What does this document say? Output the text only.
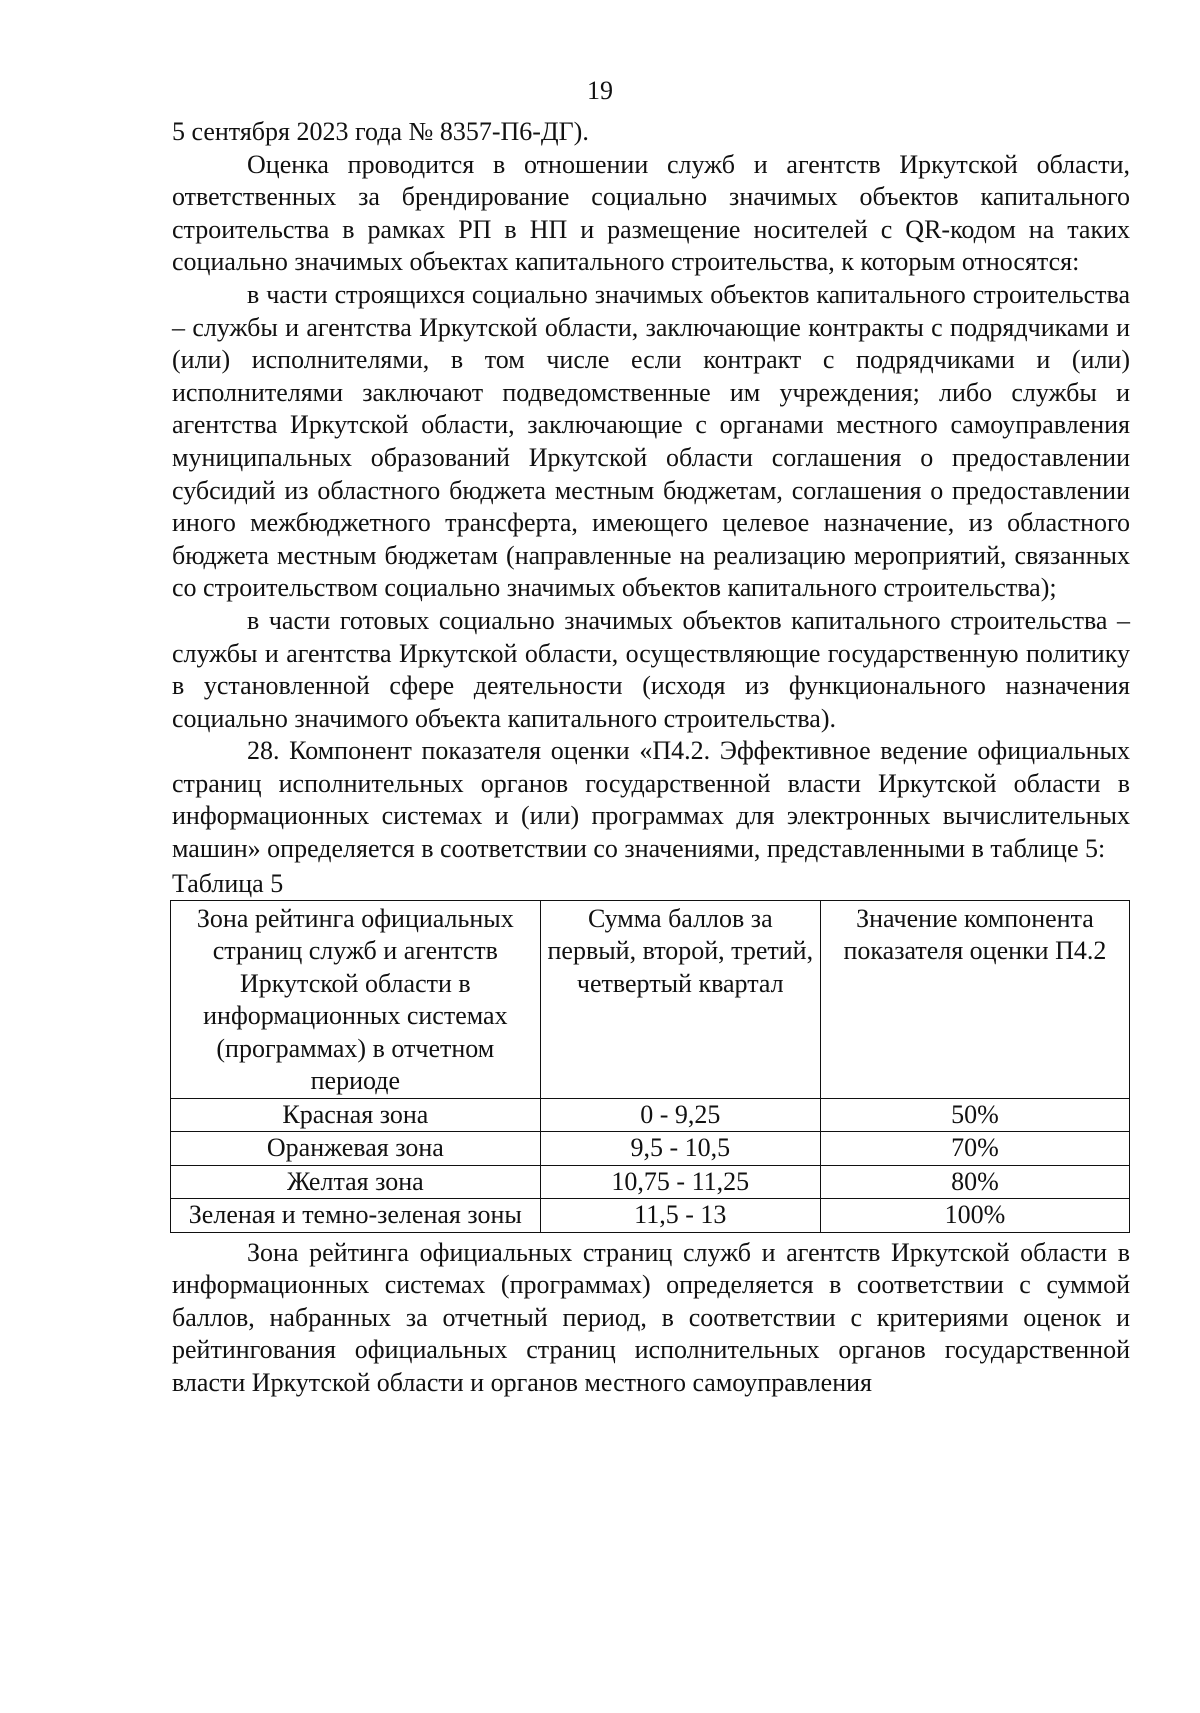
19

5 сентября 2023 года № 8357-П6-ДГ).

Оценка проводится в отношении служб и агентств Иркутской области, ответственных за брендирование социально значимых объектов капитального строительства в рамках РП в НП и размещение носителей с QR-кодом на таких социально значимых объектах капитального строительства, к которым относятся:

в части строящихся социально значимых объектов капитального строительства – службы и агентства Иркутской области, заключающие контракты с подрядчиками и (или) исполнителями, в том числе если контракт с подрядчиками и (или) исполнителями заключают подведомственные им учреждения; либо службы и агентства Иркутской области, заключающие с органами местного самоуправления муниципальных образований Иркутской области соглашения о предоставлении субсидий из областного бюджета местным бюджетам, соглашения о предоставлении иного межбюджетного трансферта, имеющего целевое назначение, из областного бюджета местным бюджетам (направленные на реализацию мероприятий, связанных со строительством социально значимых объектов капитального строительства);

в части готовых социально значимых объектов капитального строительства – службы и агентства Иркутской области, осуществляющие государственную политику в установленной сфере деятельности (исходя из функционального назначения социально значимого объекта капитального строительства).

28. Компонент показателя оценки «П4.2. Эффективное ведение официальных страниц исполнительных органов государственной власти Иркутской области в информационных системах и (или) программах для электронных вычислительных машин» определяется в соответствии со значениями, представленными в таблице 5:

Таблица 5

Зона рейтинга официальных страниц служб и агентств Иркутской области в информационных системах (программах) в отчетном периоде	Сумма баллов за первый, второй, третий, четвертый квартал	Значение компонента показателя оценки П4.2
Красная зона	0 - 9,25	50%
Оранжевая зона	9,5 - 10,5	70%
Желтая зона	10,75 - 11,25	80%
Зеленая и темно-зеленая зоны	11,5 - 13	100%

Зона рейтинга официальных страниц служб и агентств Иркутской области в информационных системах (программах) определяется в соответствии с суммой баллов, набранных за отчетный период, в соответствии с критериями оценок и рейтингования официальных страниц исполнительных органов государственной власти Иркутской области и органов местного самоуправления
